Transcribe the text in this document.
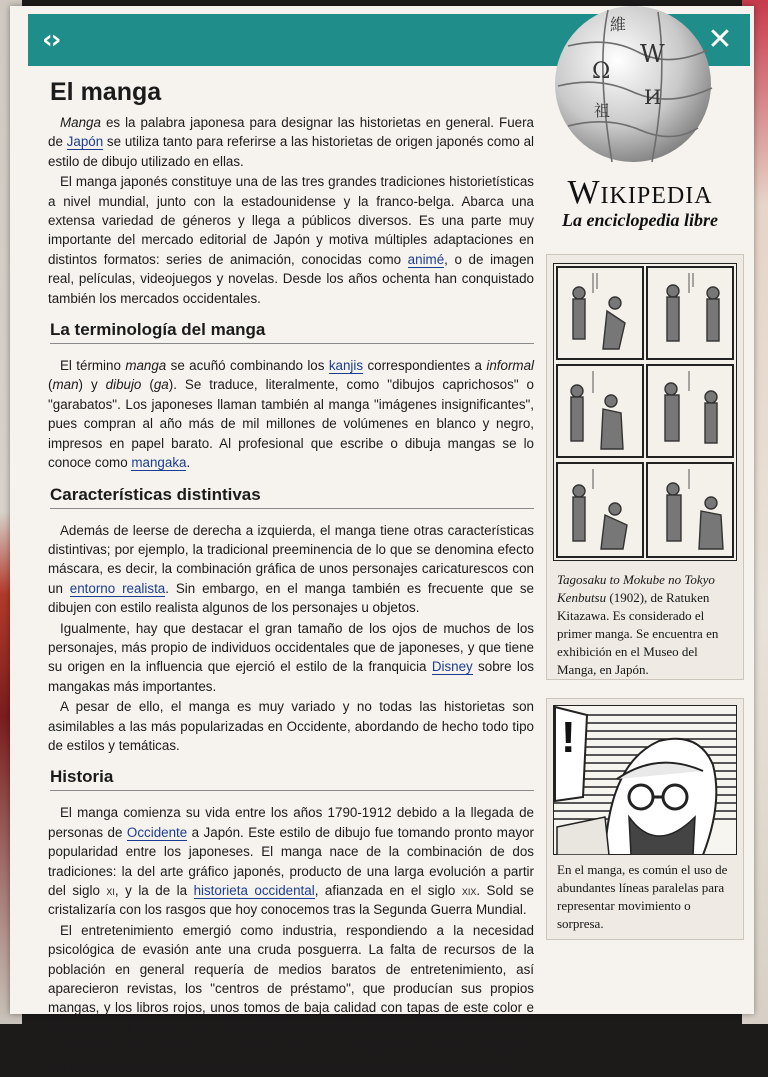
‹›	✕
Ω
W
И
維
祖
Wikipedia
La enciclopedia libre
El manga

Manga es la palabra japonesa para designar las historietas en general. Fuera de Japón se utiliza tanto para referirse a las historietas de origen japonés como al estilo de dibujo utilizado en ellas.

El manga japonés constituye una de las tres grandes tradiciones historietísticas a nivel mundial, junto con la estadounidense y la franco-belga. Abarca una extensa variedad de géneros y llega a públicos diversos. Es una parte muy importante del mercado editorial de Japón y motiva múltiples adaptaciones en distintos formatos: series de animación, conocidas como animé, o de imagen real, películas, videojuegos y novelas. Desde los años ochenta han conquistado también los mercados occidentales.

La terminología del manga

El término manga se acuñó combinando los kanjis correspondientes a informal (man) y dibujo (ga). Se traduce, literalmente, como "dibujos caprichosos" o "garabatos". Los japoneses llaman también al manga "imágenes insignificantes", pues compran al año más de mil millones de volúmenes en blanco y negro, impresos en papel barato. Al profesional que escribe o dibuja mangas se lo conoce como mangaka.

Características distintivas

Además de leerse de derecha a izquierda, el manga tiene otras características distintivas; por ejemplo, la tradicional preeminencia de lo que se denomina efecto máscara, es decir, la combinación gráfica de unos personajes caricaturescos con un entorno realista. Sin embargo, en el manga también es frecuente que se dibujen con estilo realista algunos de los personajes u objetos.

Igualmente, hay que destacar el gran tamaño de los ojos de muchos de los personajes, más propio de individuos occidentales que de japoneses, y que tiene su origen en la influencia que ejerció el estilo de la franquicia Disney sobre los mangakas más importantes.

A pesar de ello, el manga es muy variado y no todas las historietas son asimilables a las más popularizadas en Occidente, abordando de hecho todo tipo de estilos y temáticas.

Historia

El manga comienza su vida entre los años 1790-1912 debido a la llegada de personas de Occidente a Japón. Este estilo de dibujo fue tomando pronto mayor popularidad entre los japoneses. El manga nace de la combinación de dos tradiciones: la del arte gráfico japonés, producto de una larga evolución a partir del siglo xi, y la de la historieta occidental, afianzada en el siglo xix. Sold se cristalizaría con los rasgos que hoy conocemos tras la Segunda Guerra Mundial.

El entretenimiento emergió como industria, respondiendo a la necesidad psicológica de evasión ante una cruda posguerra. La falta de recursos de la población en general requería de medios baratos de entretenimiento, así aparecieron revistas, los "centros de préstamo", que producían sus propios mangas, y los libros rojos, unos tomos de baja calidad con tapas de este color e impresos en blanco y negro. Con el tiempo, muchas de las historias del manga se volvieron muy exitosas y los libros rojos fueron desapareciendo. Sin embargo, aparecieron nuevas historias y la industria del manga continuó desarrollándose.

Tagosaku to Mokube no Tokyo Kenbutsu (1902), de Ratuken Kitazawa. Es considerado el primer manga. Se encuentra en exhibición en el Museo del Manga, en Japón.
!
En el manga, es común el uso de abundantes líneas paralelas para representar movimiento o sorpresa.
